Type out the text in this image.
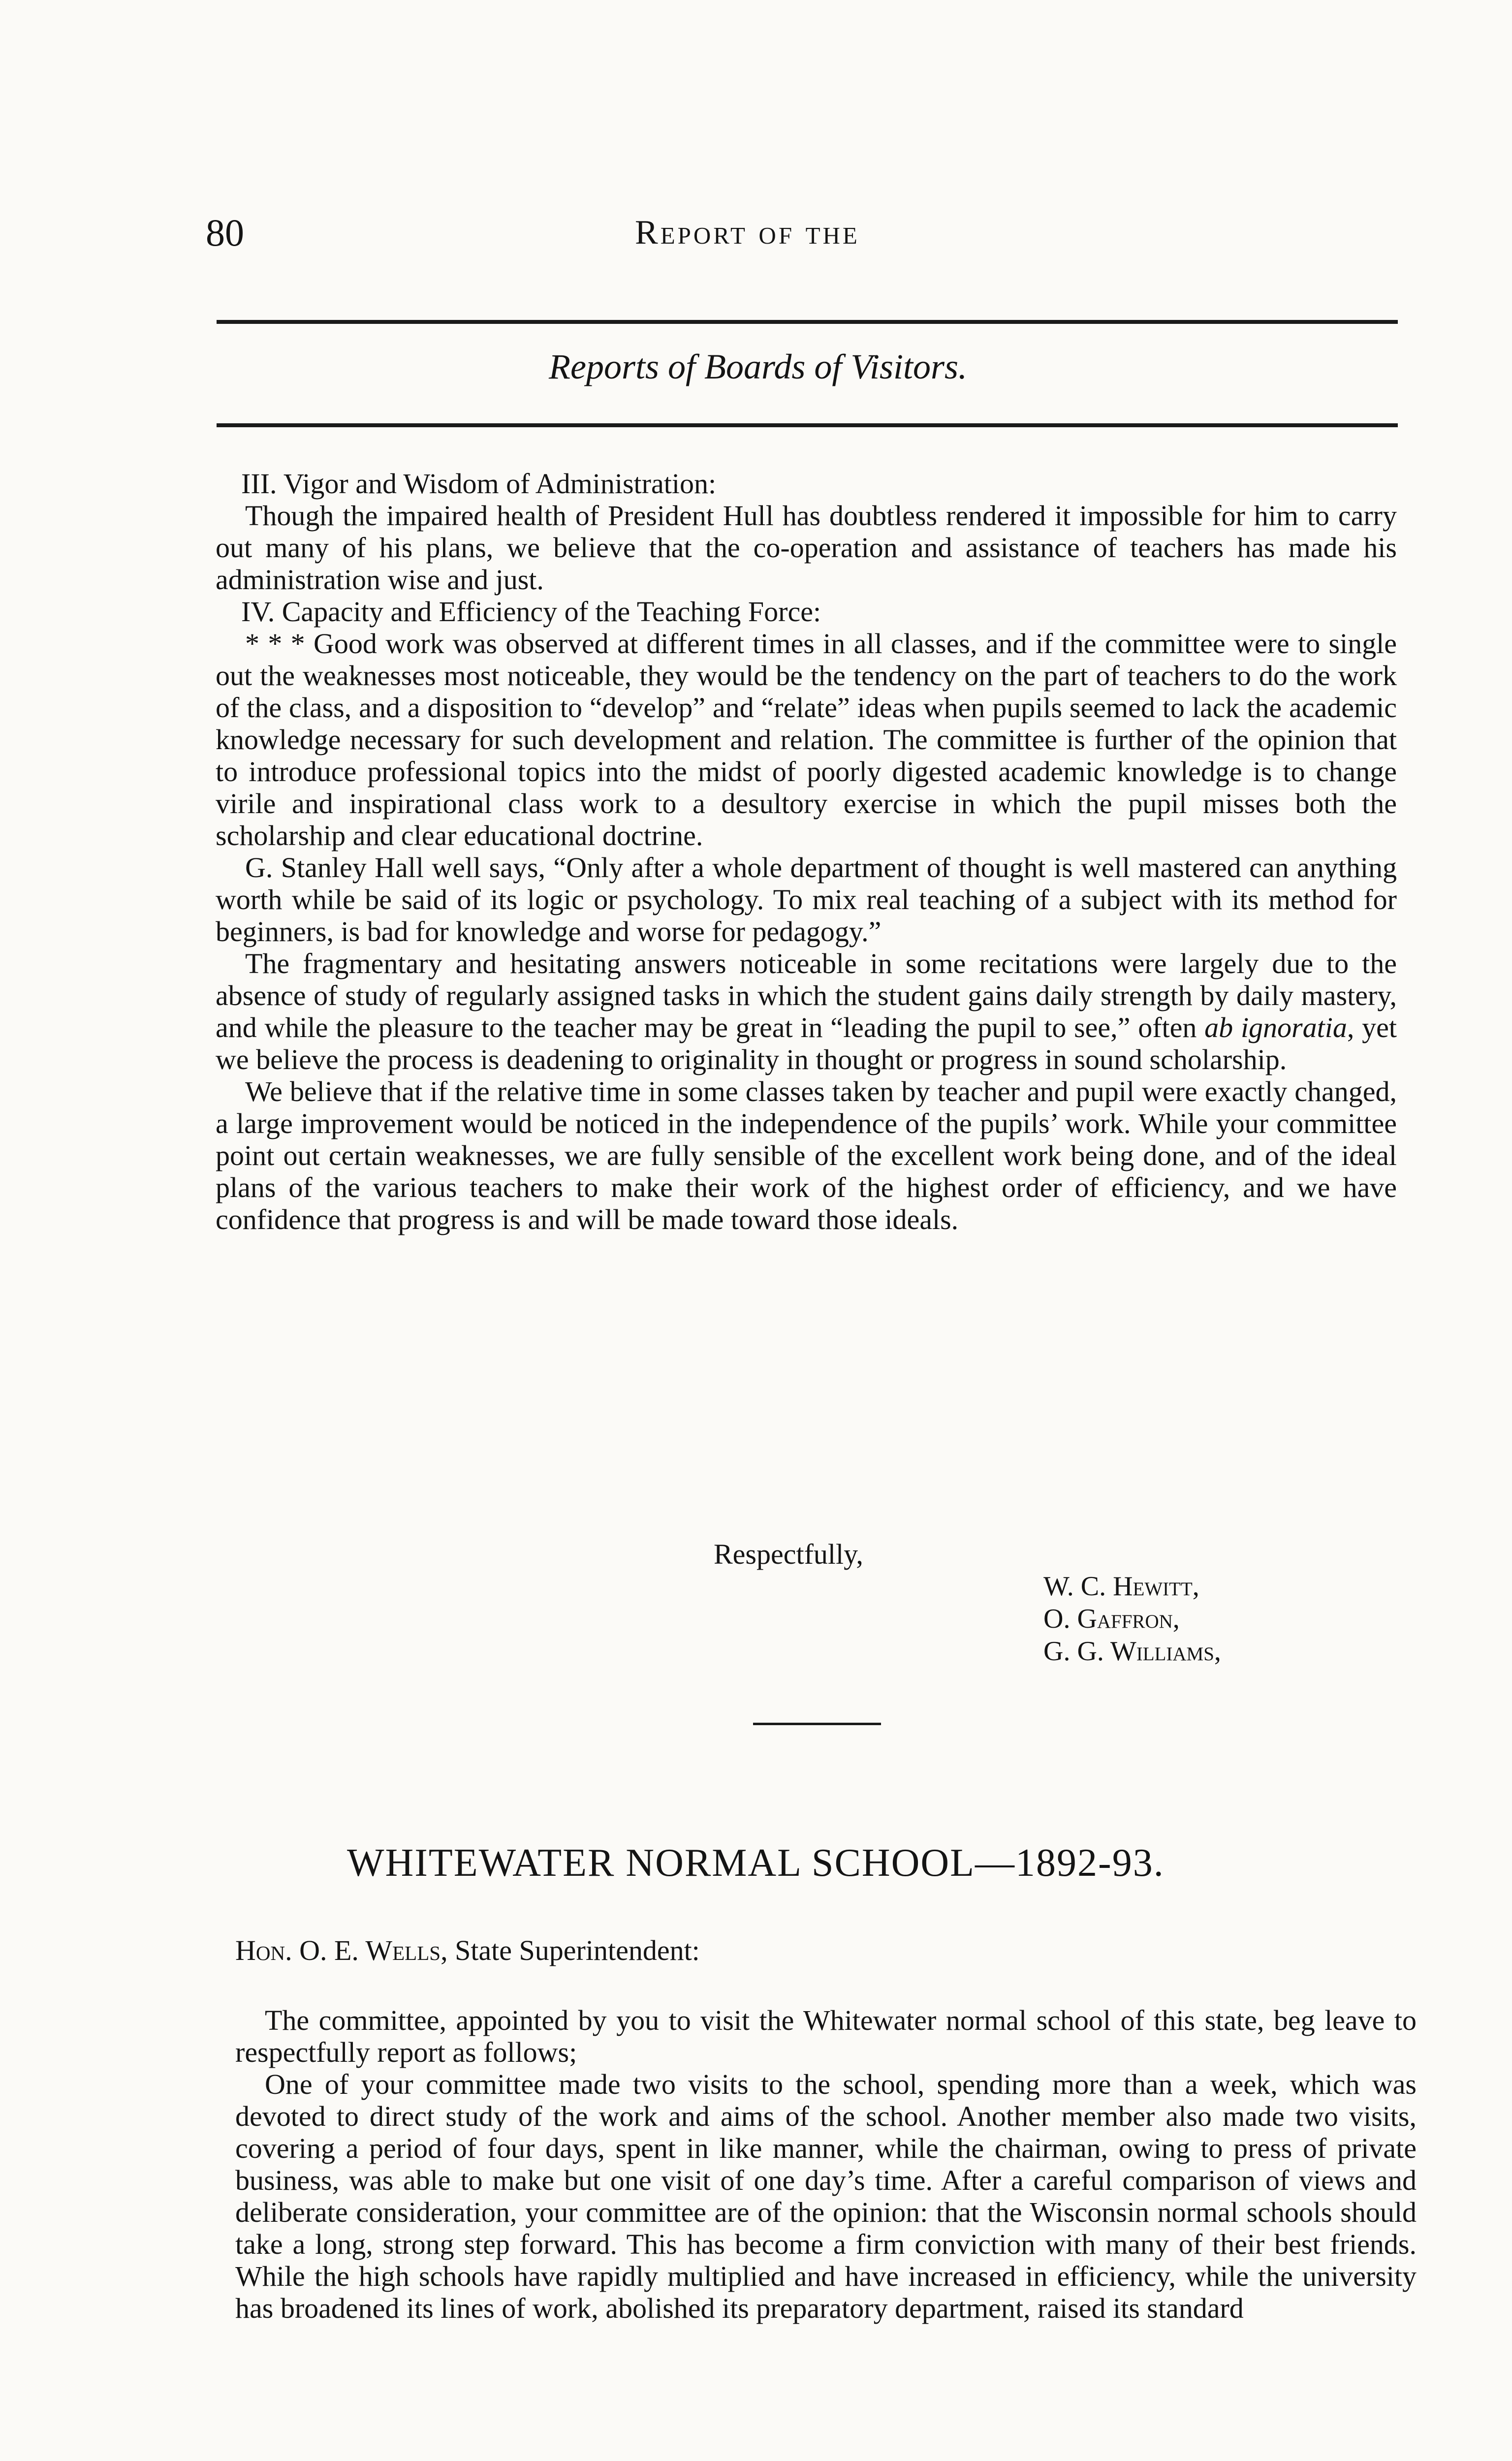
80	Report of the
Reports of Boards of Visitors.

III. Vigor and Wisdom of Administration:

Though the impaired health of President Hull has doubtless rendered it impossible for him to carry out many of his plans, we believe that the co-operation and assistance of teachers has made his administration wise and just.

IV. Capacity and Efficiency of the Teaching Force:

* * * Good work was observed at different times in all classes, and if the committee were to single out the weaknesses most noticeable, they would be the tendency on the part of teachers to do the work of the class, and a disposition to “develop” and “relate” ideas when pupils seemed to lack the academic knowledge necessary for such development and relation. The committee is further of the opinion that to introduce professional topics into the midst of poorly digested academic knowledge is to change virile and inspirational class work to a desultory exercise in which the pupil misses both the scholarship and clear educational doctrine.

G. Stanley Hall well says, “Only after a whole department of thought is well mastered can anything worth while be said of its logic or psychology. To mix real teaching of a subject with its method for beginners, is bad for knowledge and worse for pedagogy.”

The fragmentary and hesitating answers noticeable in some recitations were largely due to the absence of study of regularly assigned tasks in which the student gains daily strength by daily mastery, and while the pleasure to the teacher may be great in “leading the pupil to see,” often ab ignoratia, yet we believe the process is deadening to originality in thought or progress in sound scholarship.

We believe that if the relative time in some classes taken by teacher and pupil were exactly changed, a large improvement would be noticed in the independence of the pupils’ work. While your committee point out certain weaknesses, we are fully sensible of the excellent work being done, and of the ideal plans of the various teachers to make their work of the highest order of efficiency, and we have confidence that progress is and will be made toward those ideals.

Respectfully,
W. C. Hewitt,
O. Gaffron,
G. G. Williams,
WHITEWATER NORMAL SCHOOL—1892-93.
Hon. O. E. Wells, State Superintendent:

The committee, appointed by you to visit the Whitewater normal school of this state, beg leave to respectfully report as follows;

One of your committee made two visits to the school, spending more than a week, which was devoted to direct study of the work and aims of the school. Another member also made two visits, covering a period of four days, spent in like manner, while the chairman, owing to press of private business, was able to make but one visit of one day’s time. After a careful comparison of views and deliberate consideration, your committee are of the opinion: that the Wisconsin normal schools should take a long, strong step forward. This has become a firm conviction with many of their best friends. While the high schools have rapidly multiplied and have increased in efficiency, while the university has broadened its lines of work, abolished its preparatory department, raised its standard
